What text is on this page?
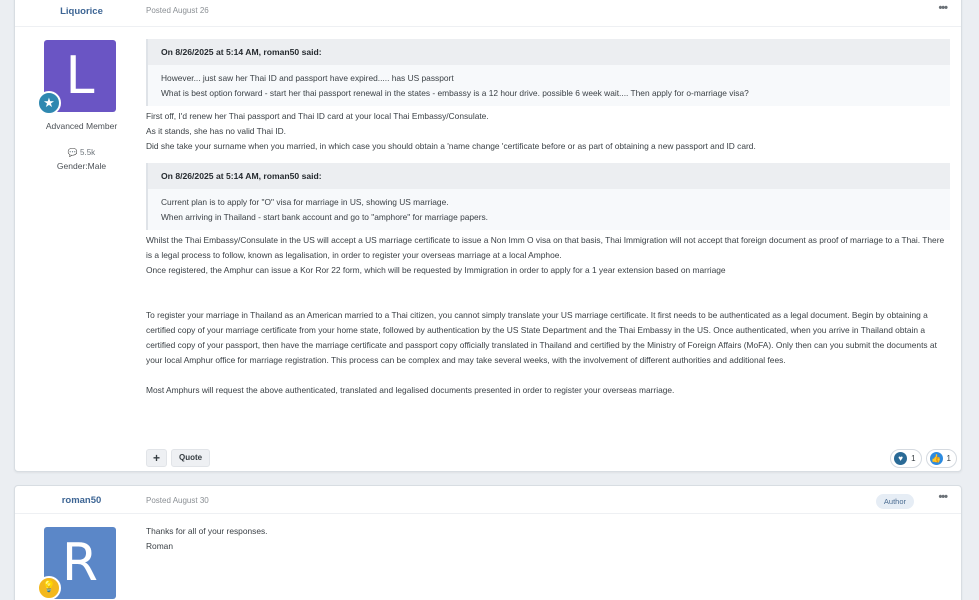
Liquorice	Posted August 26	•••
L
★
Advanced Member
💬 5.5k
Gender:Male
On 8/26/2025 at 5:14 AM, roman50 said:
However... just saw her Thai ID and passport have expired..... has US passport
What is best option forward - start her thai passport renewal in the states - embassy is a 12 hour drive. possible 6 week wait.... Then apply for o-marriage visa?
First off, I'd renew her Thai passport and Thai ID card at your local Thai Embassy/Consulate.
As it stands, she has no valid Thai ID.
Did she take your surname when you married, in which case you should obtain a 'name change 'certificate before or as part of obtaining a new passport and ID card.
On 8/26/2025 at 5:14 AM, roman50 said:
Current plan is to apply for "O" visa for marriage in US, showing US marriage.
When arriving in Thailand - start bank account and go to "amphore" for marriage papers.
Whilst the Thai Embassy/Consulate in the US will accept a US marriage certificate to issue a Non Imm O visa on that basis, Thai Immigration will not accept that foreign document as proof of marriage to a Thai. There is a legal process to follow, known as legalisation, in order to register your overseas marriage at a local Amphoe.
Once registered, the Amphur can issue a Kor Ror 22 form, which will be requested by Immigration in order to apply for a 1 year extension based on marriage
To register your marriage in Thailand as an American married to a Thai citizen, you cannot simply translate your US marriage certificate. It first needs to be authenticated as a legal document. Begin by obtaining a certified copy of your marriage certificate from your home state, followed by authentication by the US State Department and the Thai Embassy in the US. Once authenticated, when you arrive in Thailand obtain a certified copy of your passport, then have the marriage certificate and passport copy officially translated in Thailand and certified by the Ministry of Foreign Affairs (MoFA). Only then can you submit the documents at your local Amphur office for marriage registration. This process can be complex and may take several weeks, with the involvement of different authorities and additional fees.
Most Amphurs will request the above authenticated, translated and legalised documents presented in order to register your overseas marriage.
+	Quote	♥	1 👍 1
roman50	Posted August 30	Author	•••
R
💡
Thanks for all of your responses.
Roman
